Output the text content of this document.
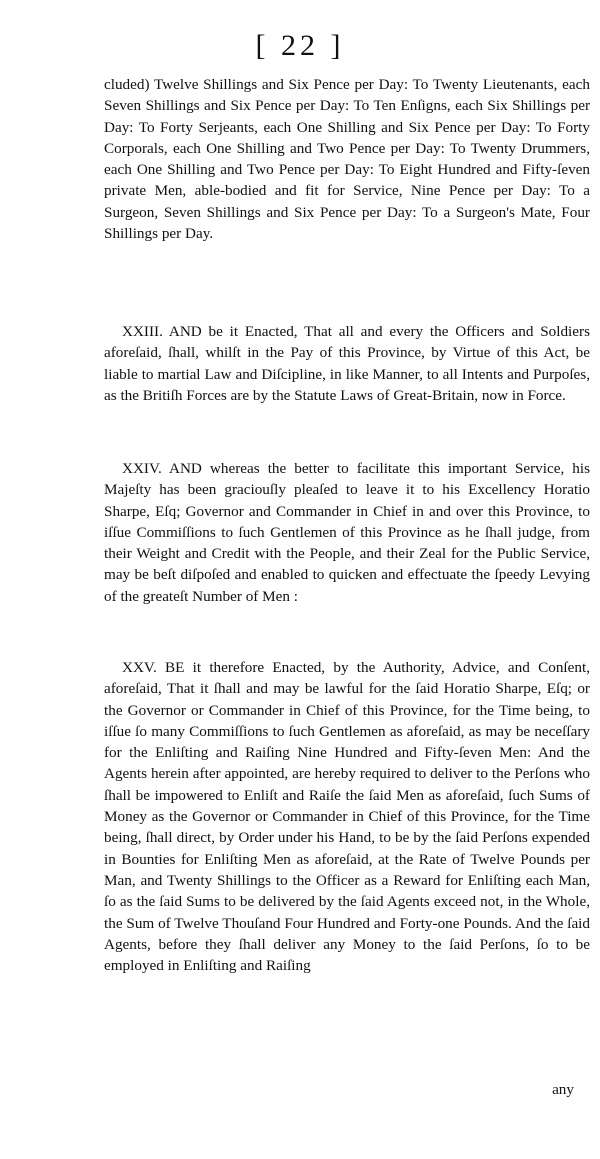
[ 22 ]

cluded) Twelve Shillings and Six Pence per Day: To Twenty Lieutenants, each Seven Shillings and Six Pence per Day: To Ten Enſigns, each Six Shillings per Day: To Forty Serjeants, each One Shilling and Six Pence per Day: To Forty Corporals, each One Shilling and Two Pence per Day: To Twenty Drummers, each One Shilling and Two Pence per Day: To Eight Hundred and Fifty-ſeven private Men, able-bodied and fit for Service, Nine Pence per Day: To a Surgeon, Seven Shillings and Six Pence per Day: To a Surgeon's Mate, Four Shillings per Day.

XXIII. AND be it Enacted, That all and every the Officers and Soldiers aforeſaid, ſhall, whilſt in the Pay of this Province, by Virtue of this Act, be liable to martial Law and Diſcipline, in like Manner, to all Intents and Purpoſes, as the Britiſh Forces are by the Statute Laws of Great-Britain, now in Force.

XXIV. AND whereas the better to facilitate this important Service, his Majeſty has been graciouſly pleaſed to leave it to his Excellency Horatio Sharpe, Eſq; Governor and Commander in Chief in and over this Province, to iſſue Commiſſions to ſuch Gentlemen of this Province as he ſhall judge, from their Weight and Credit with the People, and their Zeal for the Public Service, may be beſt diſpoſed and enabled to quicken and effectuate the ſpeedy Levying of the greateſt Number of Men :

XXV. BE it therefore Enacted, by the Authority, Advice, and Conſent, aforeſaid, That it ſhall and may be lawful for the ſaid Horatio Sharpe, Eſq; or the Governor or Commander in Chief of this Province, for the Time being, to iſſue ſo many Commiſſions to ſuch Gentlemen as aforeſaid, as may be neceſſary for the Enliſting and Raiſing Nine Hundred and Fifty-ſeven Men: And the Agents herein after appointed, are hereby required to deliver to the Perſons who ſhall be impowered to Enliſt and Raiſe the ſaid Men as aforeſaid, ſuch Sums of Money as the Governor or Commander in Chief of this Province, for the Time being, ſhall direct, by Order under his Hand, to be by the ſaid Perſons expended in Bounties for Enliſting Men as aforeſaid, at the Rate of Twelve Pounds per Man, and Twenty Shillings to the Officer as a Reward for Enliſting each Man, ſo as the ſaid Sums to be delivered by the ſaid Agents exceed not, in the Whole, the Sum of Twelve Thouſand Four Hundred and Forty-one Pounds. And the ſaid Agents, before they ſhall deliver any Money to the ſaid Perſons, ſo to be employed in Enliſting and Raiſing

any
